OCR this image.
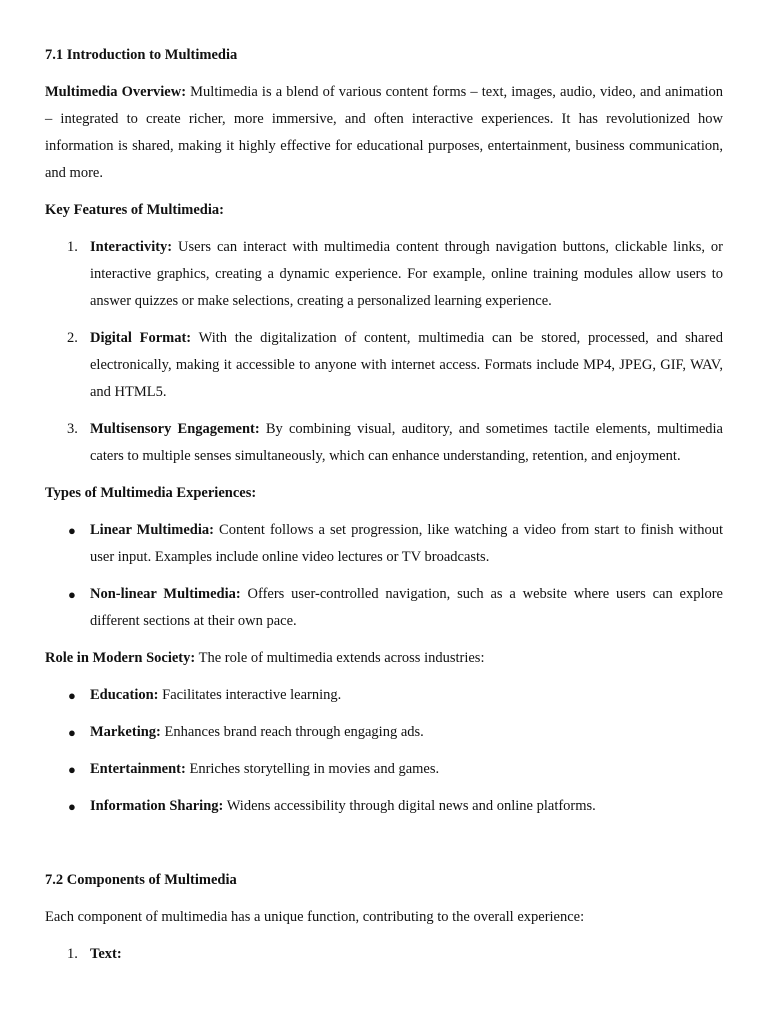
7.1 Introduction to Multimedia

Multimedia Overview: Multimedia is a blend of various content forms – text, images, audio, video, and animation – integrated to create richer, more immersive, and often interactive experiences. It has revolutionized how information is shared, making it highly effective for educational purposes, entertainment, business communication, and more.

Key Features of Multimedia:

1. Interactivity: Users can interact with multimedia content through navigation buttons, clickable links, or interactive graphics, creating a dynamic experience. For example, online training modules allow users to answer quizzes or make selections, creating a personalized learning experience.
2. Digital Format: With the digitalization of content, multimedia can be stored, processed, and shared electronically, making it accessible to anyone with internet access. Formats include MP4, JPEG, GIF, WAV, and HTML5.
3. Multisensory Engagement: By combining visual, auditory, and sometimes tactile elements, multimedia caters to multiple senses simultaneously, which can enhance understanding, retention, and enjoyment.

Types of Multimedia Experiences:

● Linear Multimedia: Content follows a set progression, like watching a video from start to finish without user input. Examples include online video lectures or TV broadcasts.
● Non-linear Multimedia: Offers user-controlled navigation, such as a website where users can explore different sections at their own pace.

Role in Modern Society: The role of multimedia extends across industries:

● Education: Facilitates interactive learning.
● Marketing: Enhances brand reach through engaging ads.
● Entertainment: Enriches storytelling in movies and games.
● Information Sharing: Widens accessibility through digital news and online platforms.

7.2 Components of Multimedia

Each component of multimedia has a unique function, contributing to the overall experience:

1. Text:
